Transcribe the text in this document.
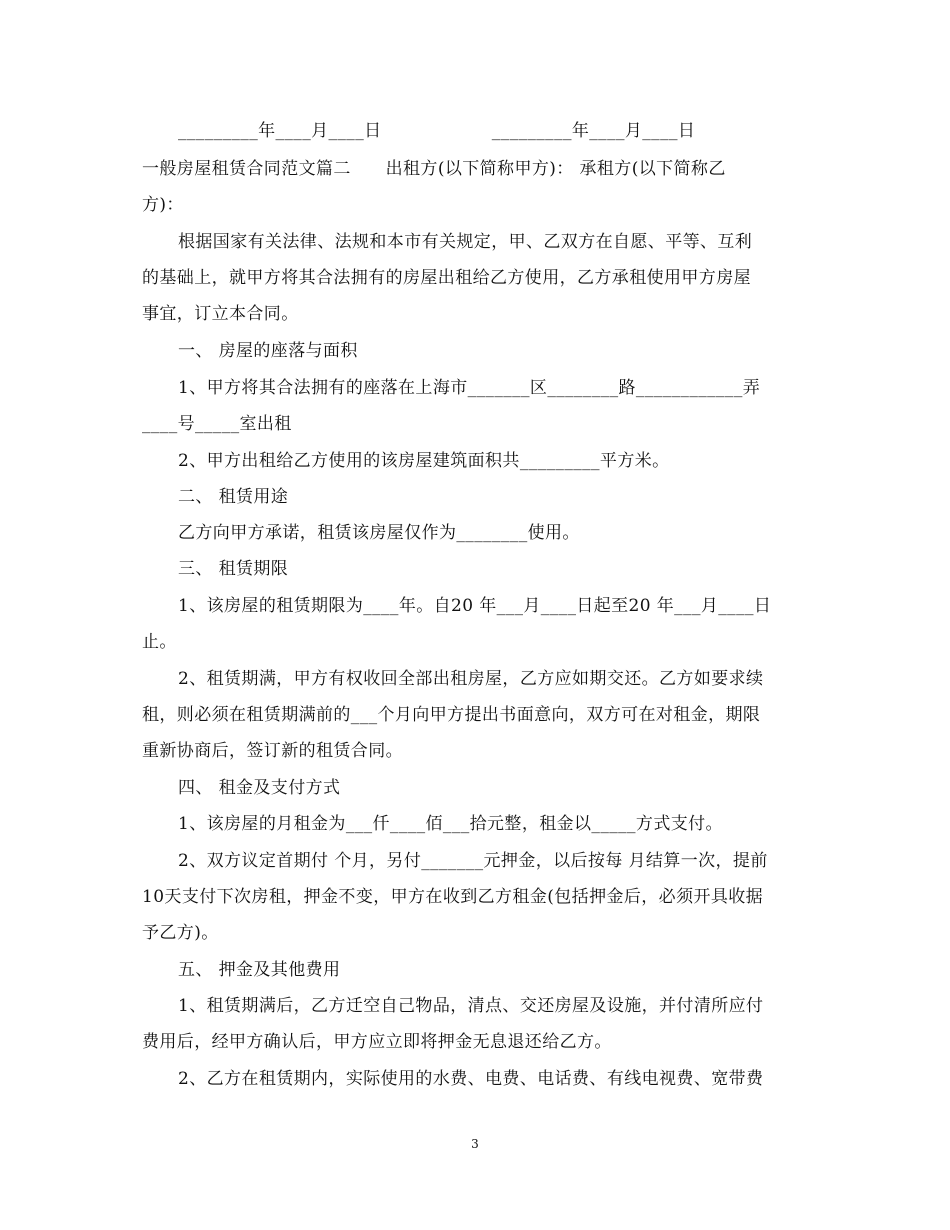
_________年____月____日                   _________年____月____日
一般房屋租赁合同范文篇二      出租方(以下简称甲方)： 承租方(以下简称乙
方)：
根据国家有关法律、法规和本市有关规定，甲、乙双方在自愿、平等、互利
的基础上，就甲方将其合法拥有的房屋出租给乙方使用，乙方承租使用甲方房屋
事宜，订立本合同。
一、 房屋的座落与面积
1、甲方将其合法拥有的座落在上海市_______区________路____________弄
____号_____室出租
2、甲方出租给乙方使用的该房屋建筑面积共_________平方米。
二、 租赁用途
乙方向甲方承诺，租赁该房屋仅作为________使用。
三、 租赁期限
1、该房屋的租赁期限为____年。自20 年___月____日起至20 年___月____日
止。
2、租赁期满，甲方有权收回全部出租房屋，乙方应如期交还。乙方如要求续
租，则必须在租赁期满前的___个月向甲方提出书面意向，双方可在对租金，期限
重新协商后，签订新的租赁合同。
四、 租金及支付方式
1、该房屋的月租金为___仟____佰___拾元整，租金以_____方式支付。
2、双方议定首期付 个月，另付_______元押金，以后按每 月结算一次，提前
10天支付下次房租，押金不变，甲方在收到乙方租金(包括押金后，必须开具收据
予乙方)。
五、 押金及其他费用
1、租赁期满后，乙方迁空自己物品，清点、交还房屋及设施，并付清所应付
费用后，经甲方确认后，甲方应立即将押金无息退还给乙方。
2、乙方在租赁期内，实际使用的水费、电费、电话费、有线电视费、宽带费
3
